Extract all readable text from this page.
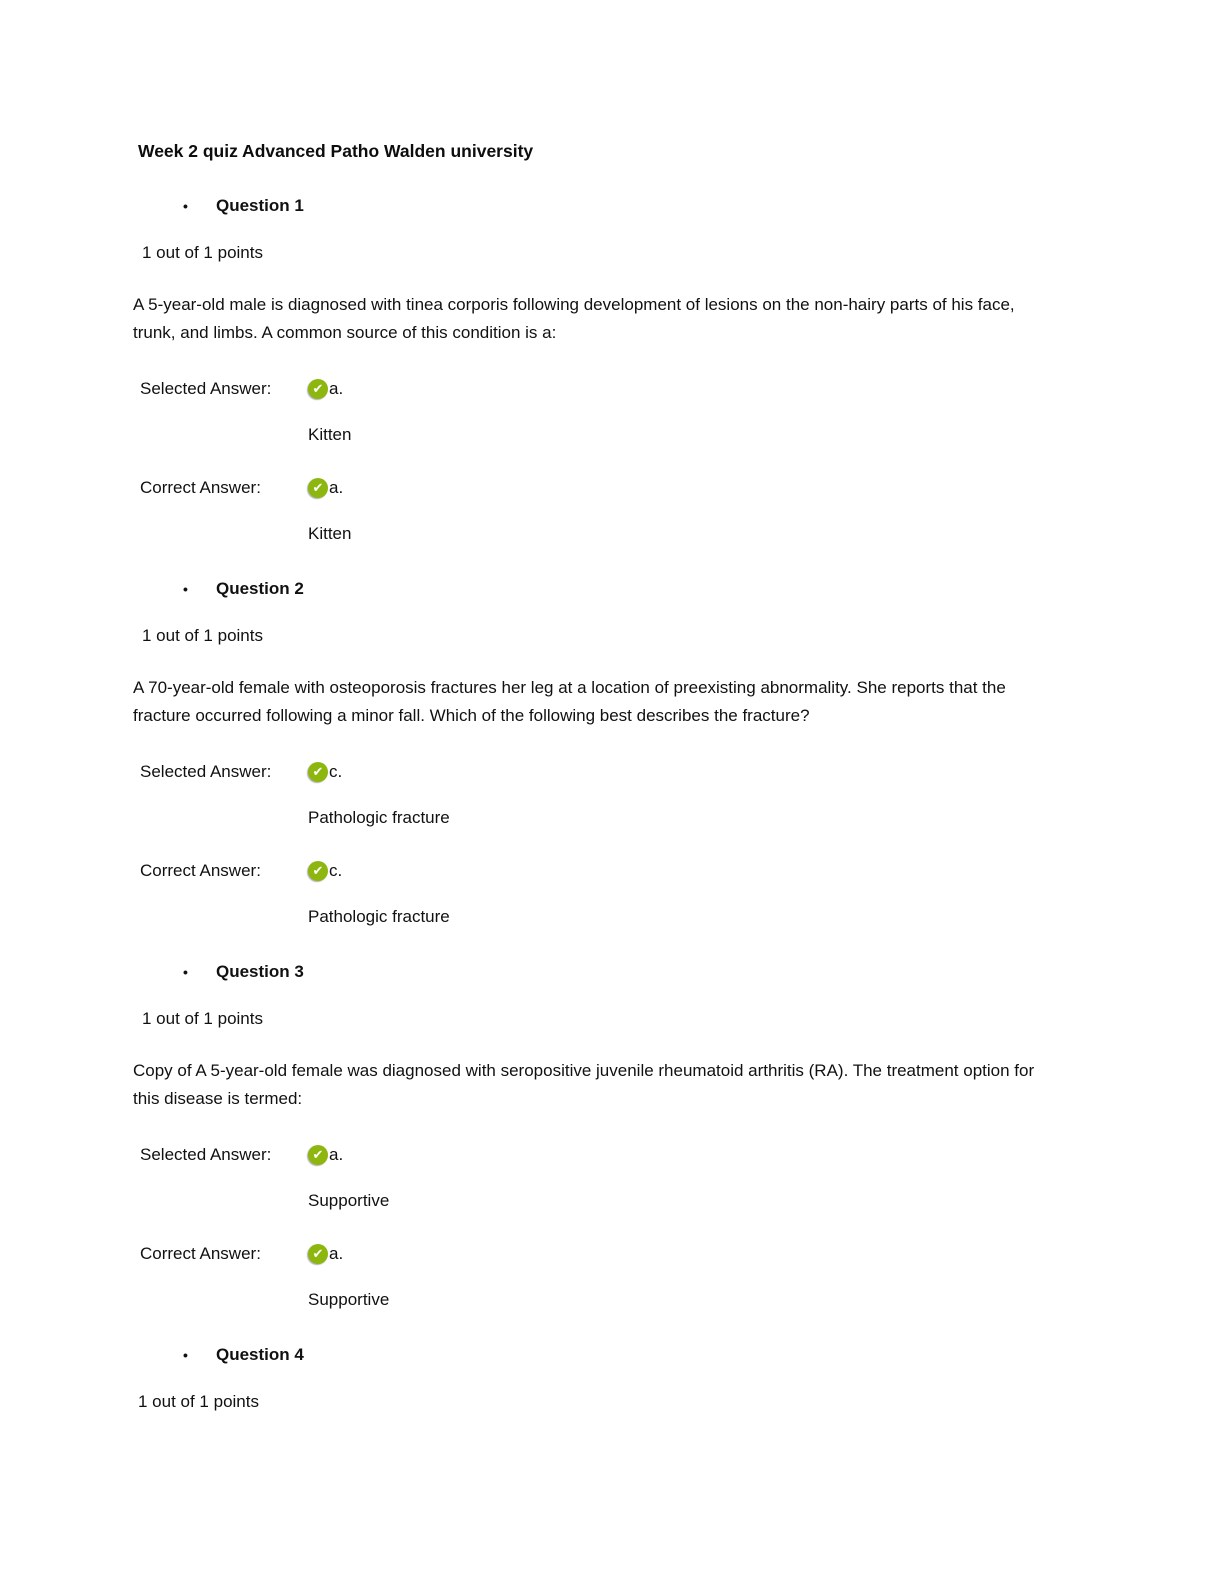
Week 2 quiz Advanced Patho Walden university
•	Question 1
1 out of 1 points

A 5-year-old male is diagnosed with tinea corporis following development of lesions on the non-hairy parts of his face, trunk, and limbs. A common source of this condition is a:

Selected Answer:	✔ a.
Kitten
Correct Answer:	✔ a.
Kitten
•	Question 2
1 out of 1 points

A 70-year-old female with osteoporosis fractures her leg at a location of preexisting abnormality. She reports that the fracture occurred following a minor fall. Which of the following best describes the fracture?

Selected Answer:	✔ c.
Pathologic fracture
Correct Answer:	✔ c.
Pathologic fracture
•	Question 3
1 out of 1 points

Copy of A 5-year-old female was diagnosed with seropositive juvenile rheumatoid arthritis (RA). The treatment option for this disease is termed:

Selected Answer:	✔ a.
Supportive
Correct Answer:	✔ a.
Supportive
•	Question 4
1 out of 1 points
